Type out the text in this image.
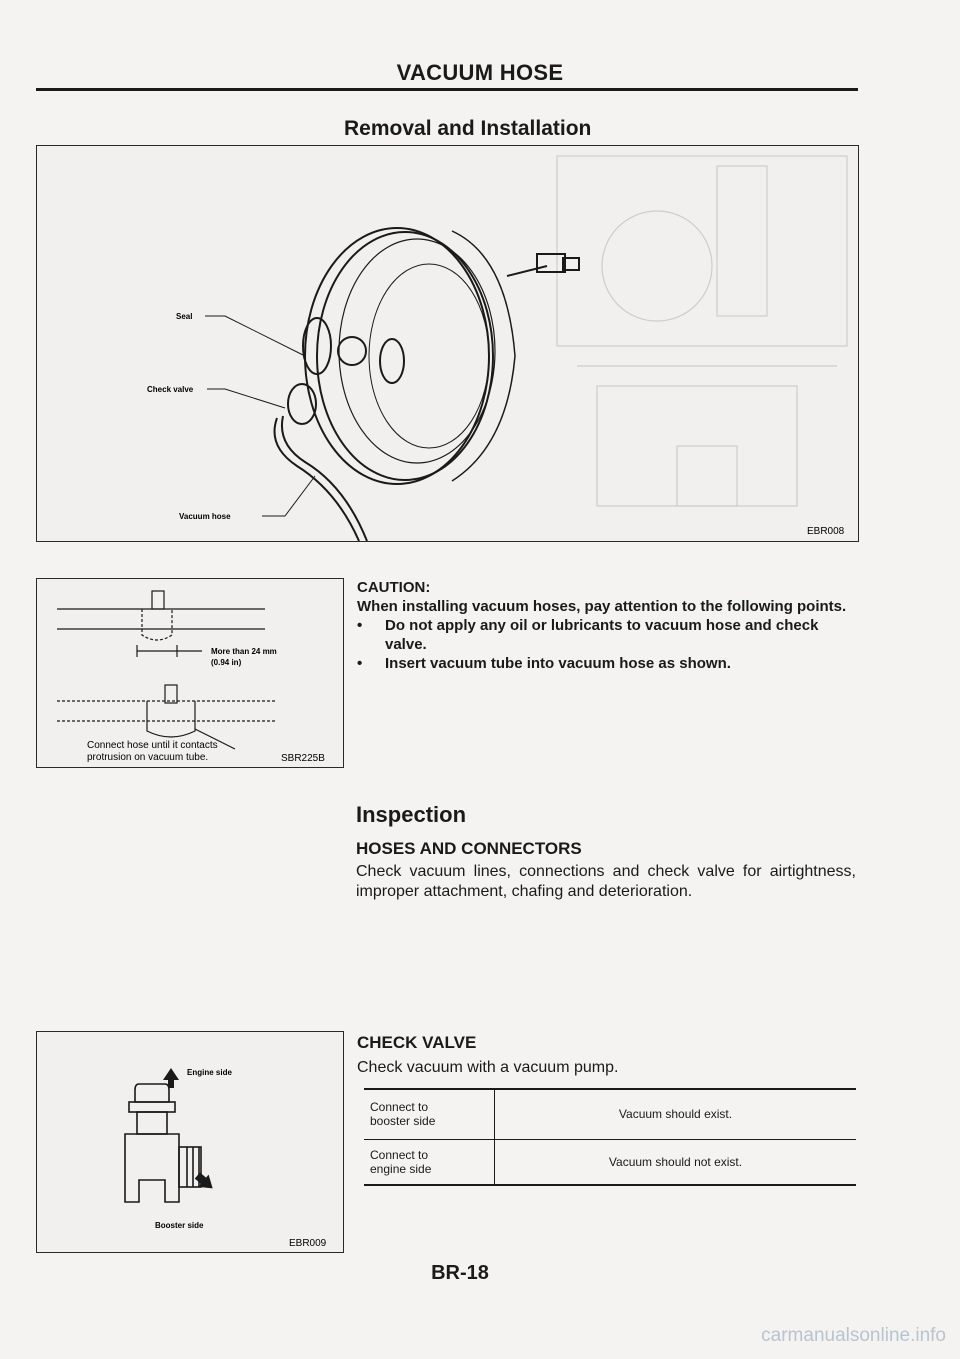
VACUUM HOSE
Removal and Installation
Seal
Check valve
Vacuum hose
EBR008
More than 24 mm
(0.94 in)
Connect hose until it contacts
protrusion on vacuum tube.	SBR225B
CAUTION:
When installing vacuum hoses, pay attention to the following points.
•	Do not apply any oil or lubricants to vacuum hose and check valve.
•	Insert vacuum tube into vacuum hose as shown.
Inspection
HOSES AND CONNECTORS
Check vacuum lines, connections and check valve for airtightness, improper attachment, chafing and deterioration.
Engine side
Booster side
EBR009
CHECK VALVE
Check vacuum with a vacuum pump.
Connect to
booster side	Vacuum should exist.

Connect to
engine side	Vacuum should not exist.
BR-18
carmanualsonline.info
